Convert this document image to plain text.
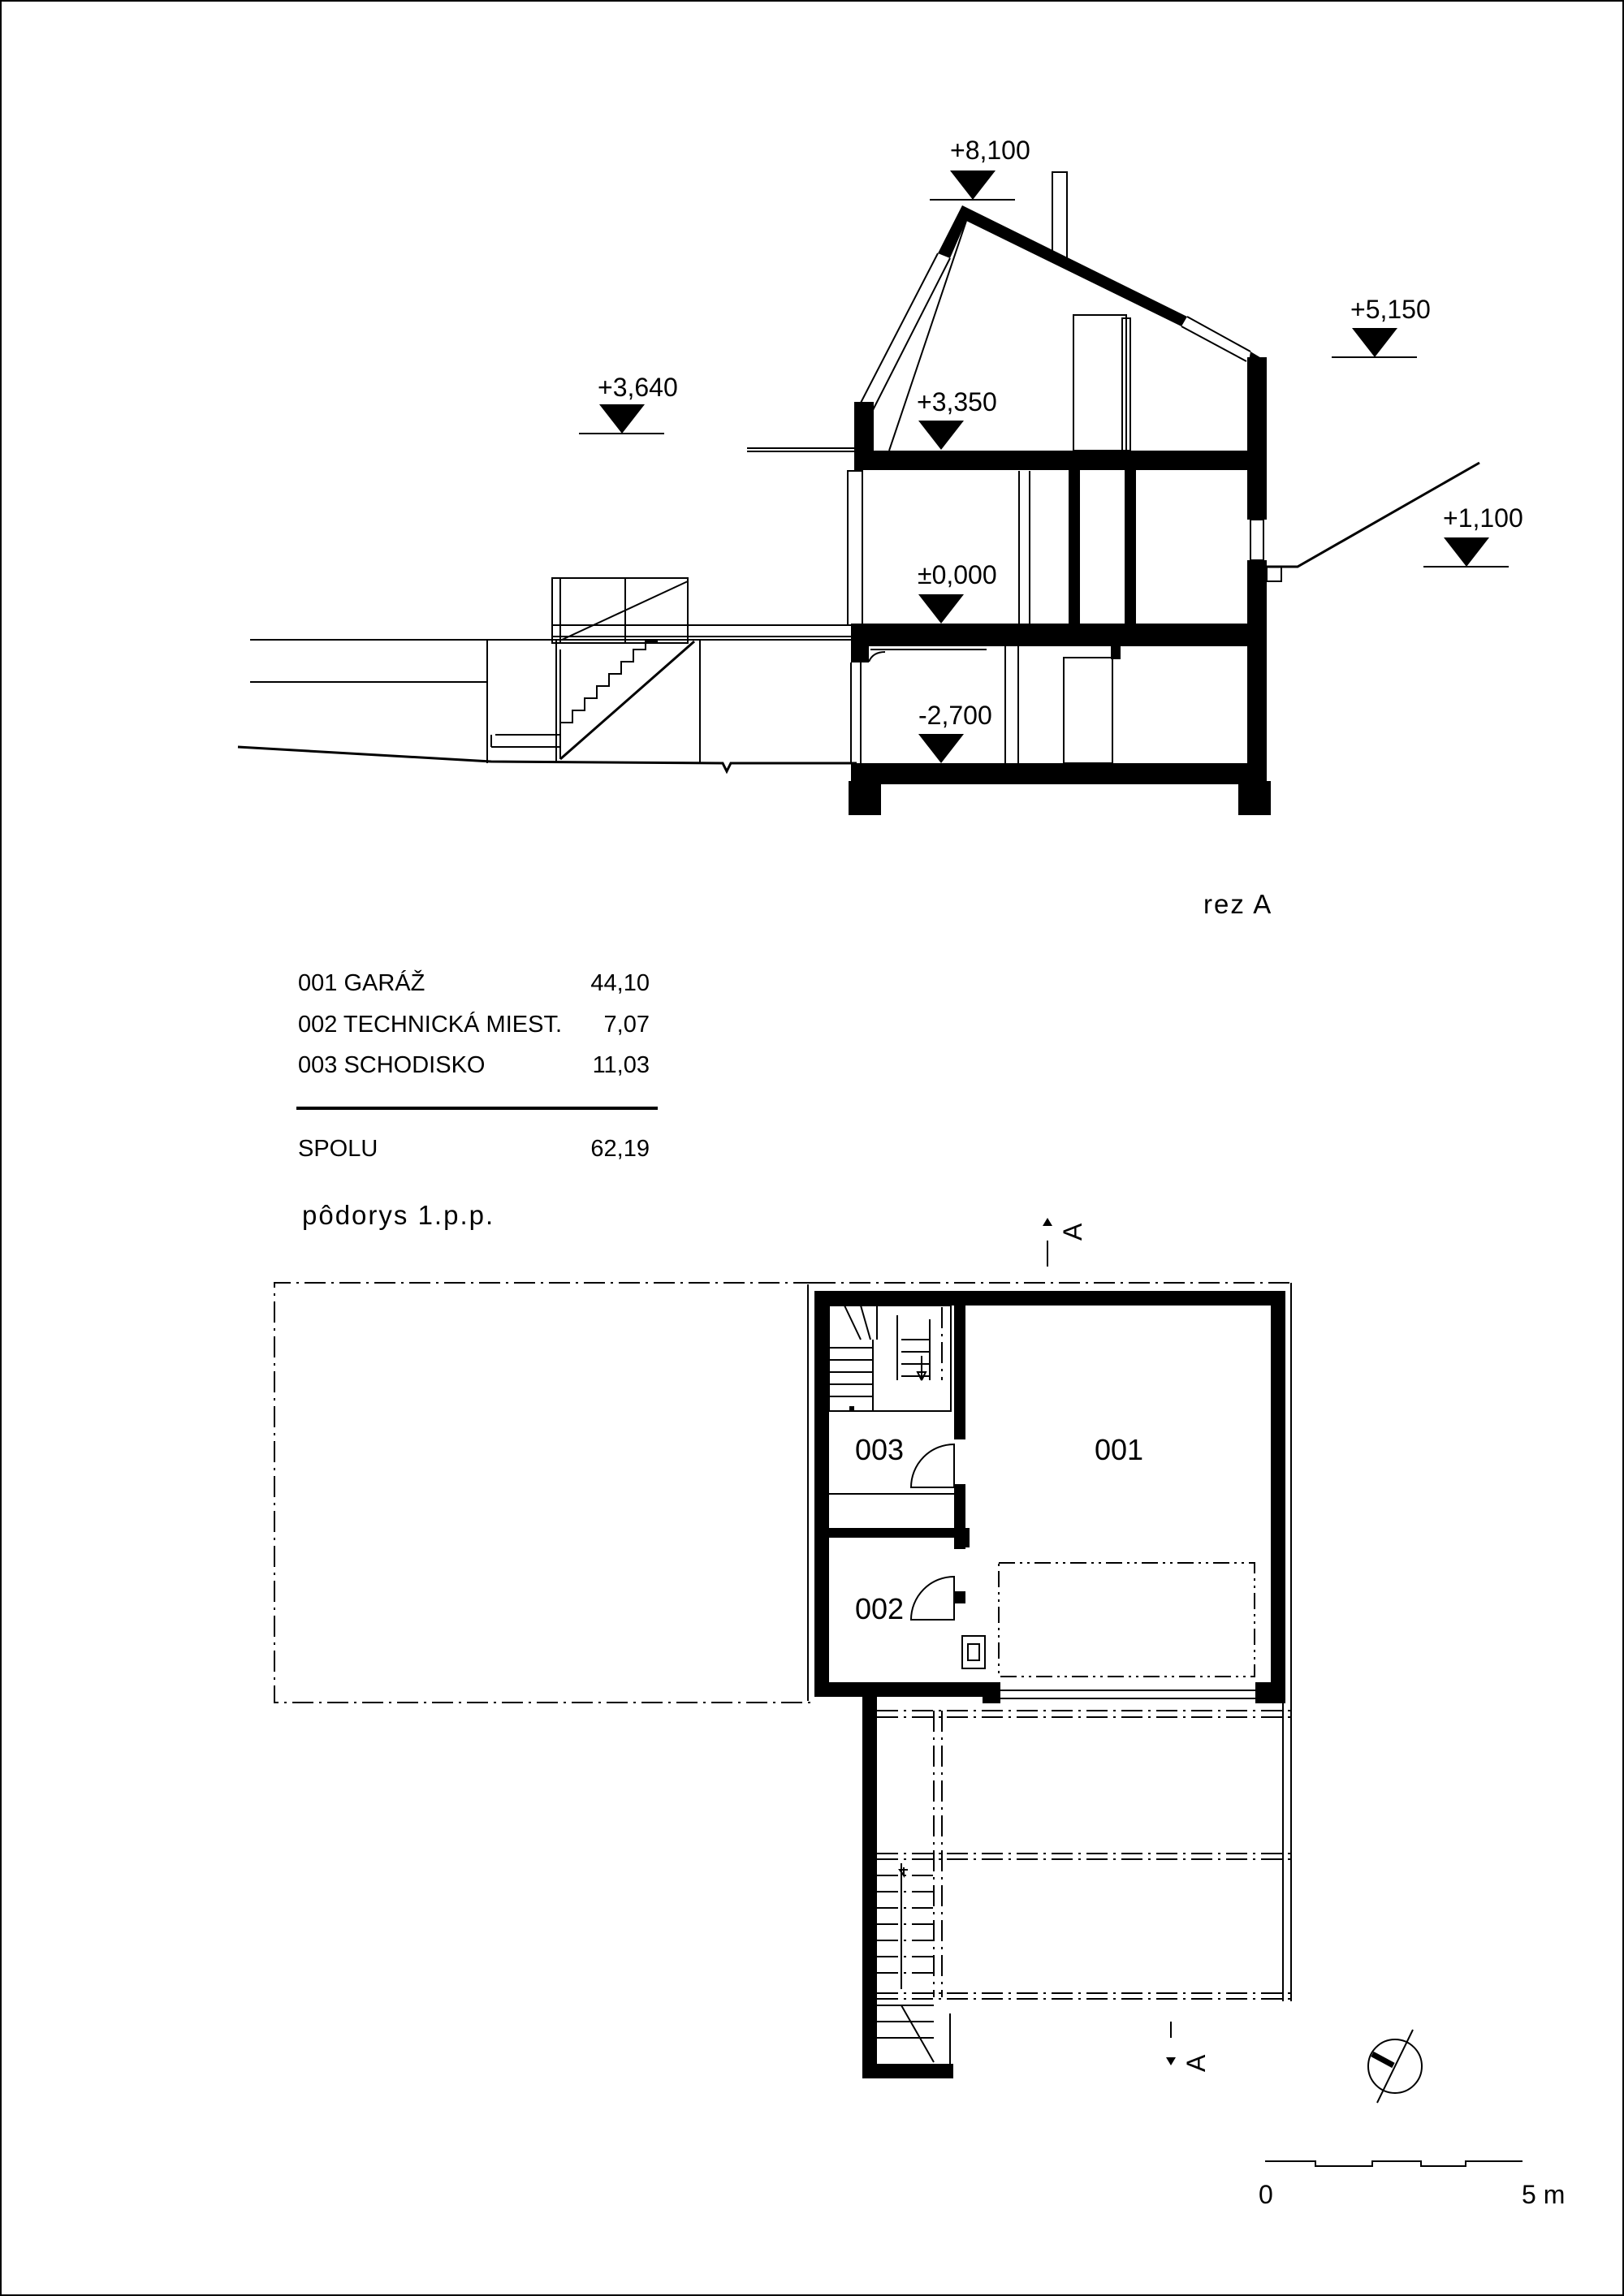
+8,100
+5,150
+3,640	+3,350
+1,100
±0,000
-2,700
rez A
001 GARÁŽ	44,10
002 TECHNICKÁ MIEST. 7,07
003 SCHODISKO	11,03
SPOLU	62,19
pôdorys 1.p.p.
003	001
002
A
A
0	5 m
